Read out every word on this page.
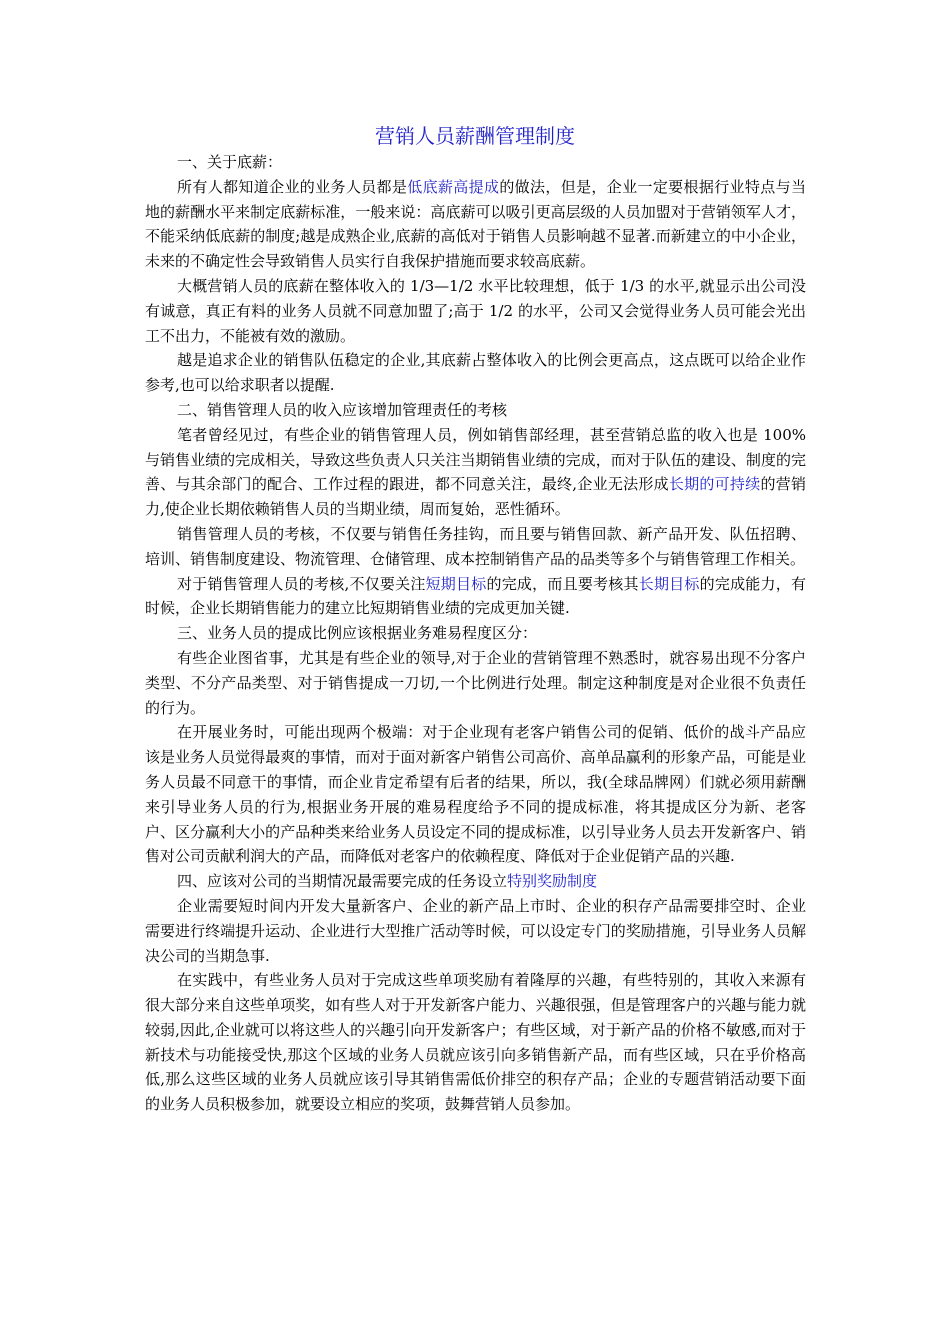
营销人员薪酬管理制度

一、关于底薪：

所有人都知道企业的业务人员都是低底薪高提成的做法，但是，企业一定要根据行业特点与当地的薪酬水平来制定底薪标准，一般来说：高底薪可以吸引更高层级的人员加盟对于营销领军人才，不能采纳低底薪的制度;越是成熟企业,底薪的高低对于销售人员影响越不显著.而新建立的中小企业，未来的不确定性会导致销售人员实行自我保护措施而要求较高底薪。

大概营销人员的底薪在整体收入的 1/3—1/2 水平比较理想，低于 1/3 的水平,就显示出公司没有诚意，真正有料的业务人员就不同意加盟了;高于 1/2 的水平，公司又会觉得业务人员可能会光出工不出力，不能被有效的激励。

越是追求企业的销售队伍稳定的企业,其底薪占整体收入的比例会更高点，这点既可以给企业作参考,也可以给求职者以提醒.

二、销售管理人员的收入应该增加管理责任的考核

笔者曾经见过，有些企业的销售管理人员，例如销售部经理，甚至营销总监的收入也是 100%与销售业绩的完成相关，导致这些负责人只关注当期销售业绩的完成，而对于队伍的建设、制度的完善、与其余部门的配合、工作过程的跟进，都不同意关注，最终,企业无法形成长期的可持续的营销力,使企业长期依赖销售人员的当期业绩，周而复始，恶性循环。

销售管理人员的考核，不仅要与销售任务挂钩，而且要与销售回款、新产品开发、队伍招聘、培训、销售制度建设、物流管理、仓储管理、成本控制销售产品的品类等多个与销售管理工作相关。

对于销售管理人员的考核,不仅要关注短期目标的完成，而且要考核其长期目标的完成能力，有时候，企业长期销售能力的建立比短期销售业绩的完成更加关键.

三、业务人员的提成比例应该根据业务难易程度区分：

有些企业图省事，尤其是有些企业的领导,对于企业的营销管理不熟悉时，就容易出现不分客户类型、不分产品类型、对于销售提成一刀切,一个比例进行处理。制定这种制度是对企业很不负责任的行为。

在开展业务时，可能出现两个极端：对于企业现有老客户销售公司的促销、低价的战斗产品应该是业务人员觉得最爽的事情，而对于面对新客户销售公司高价、高单品赢利的形象产品，可能是业务人员最不同意干的事情，而企业肯定希望有后者的结果，所以，我(全球品牌网）们就必须用薪酬来引导业务人员的行为,根据业务开展的难易程度给予不同的提成标准，将其提成区分为新、老客户、区分赢利大小的产品种类来给业务人员设定不同的提成标准，以引导业务人员去开发新客户、销售对公司贡献利润大的产品，而降低对老客户的依赖程度、降低对于企业促销产品的兴趣.

四、应该对公司的当期情况最需要完成的任务设立特别奖励制度

企业需要短时间内开发大量新客户、企业的新产品上市时、企业的积存产品需要排空时、企业需要进行终端提升运动、企业进行大型推广活动等时候，可以设定专门的奖励措施，引导业务人员解决公司的当期急事.

在实践中，有些业务人员对于完成这些单项奖励有着隆厚的兴趣，有些特别的，其收入来源有很大部分来自这些单项奖，如有些人对于开发新客户能力、兴趣很强，但是管理客户的兴趣与能力就较弱,因此,企业就可以将这些人的兴趣引向开发新客户；有些区域，对于新产品的价格不敏感,而对于新技术与功能接受快,那这个区域的业务人员就应该引向多销售新产品，而有些区域，只在乎价格高低,那么这些区域的业务人员就应该引导其销售需低价排空的积存产品；企业的专题营销活动要下面的业务人员积极参加，就要设立相应的奖项，鼓舞营销人员参加。
